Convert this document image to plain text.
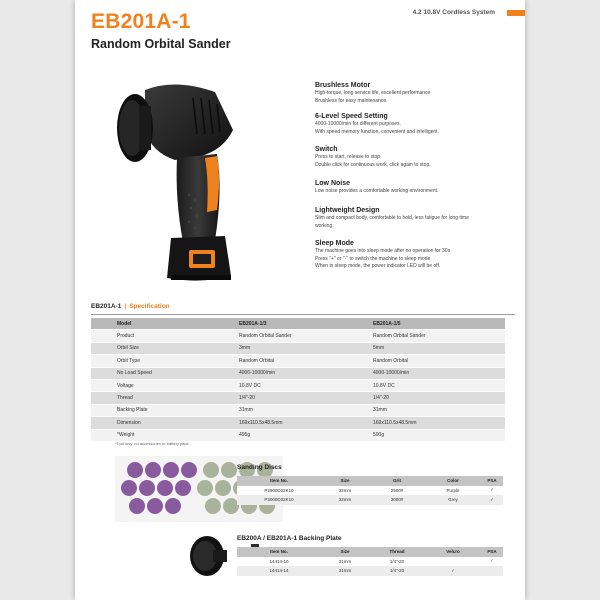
EB201A-1
Random Orbital Sander
4.2 10.8V Cordless System
Brushless Motor
High-torque, long service life, excellent performance
Brushless for easy maintenance.
6-Level Speed Setting
4000-10000/min for different purposes.
With speed memory function, convenient and intelligent.
Switch
Press to start, release to stop
Double click for continuous work, click again to stop.
Low Noise
Low noise provides a comfortable working environment.
Lightweight Design
Slim and compact body, comfortable to hold, less fatigue for long time
working.
Sleep Mode
The machine goes into sleep mode after no operation for 30s
Press "+" or "-" to switch the machine to sleep mode
When in sleep mode, the power indicator LED will be off.
EB201A-1 | Specification
Model	EB201A-1/3	EB201A-1/5
Product	Random Orbital Sander	Random Orbital Sander
Orbit Size	3mm	5mm
Orbit Type	Random Orbital	Random Orbital
No Load Speed	4000-10000/min	4000-10000/min
Voltage	10.8V DC	10.8V DC
Thread	1/4"-20	1/4"-20
Backing Plate	31mm	31mm
Dimension	169x110.5x48.5mm	169x110.5x48.5mm
*Weight	495g	500g
*Tool only, no accessories or battery pack.
Sanding Discs
Item No.	Size	Grit	Color	PSA
P2500D32K10	32mm	2500#	Purple	✓
P3000D32K10	32mm	3000#	Grey	✓
EB200A / EB201A-1 Backing Plate
Item No.	Size	Thread	Velcro	PSA
14414-10	31mm	1/4"-20		✓
14414-14	31mm	1/4"-20	✓	
